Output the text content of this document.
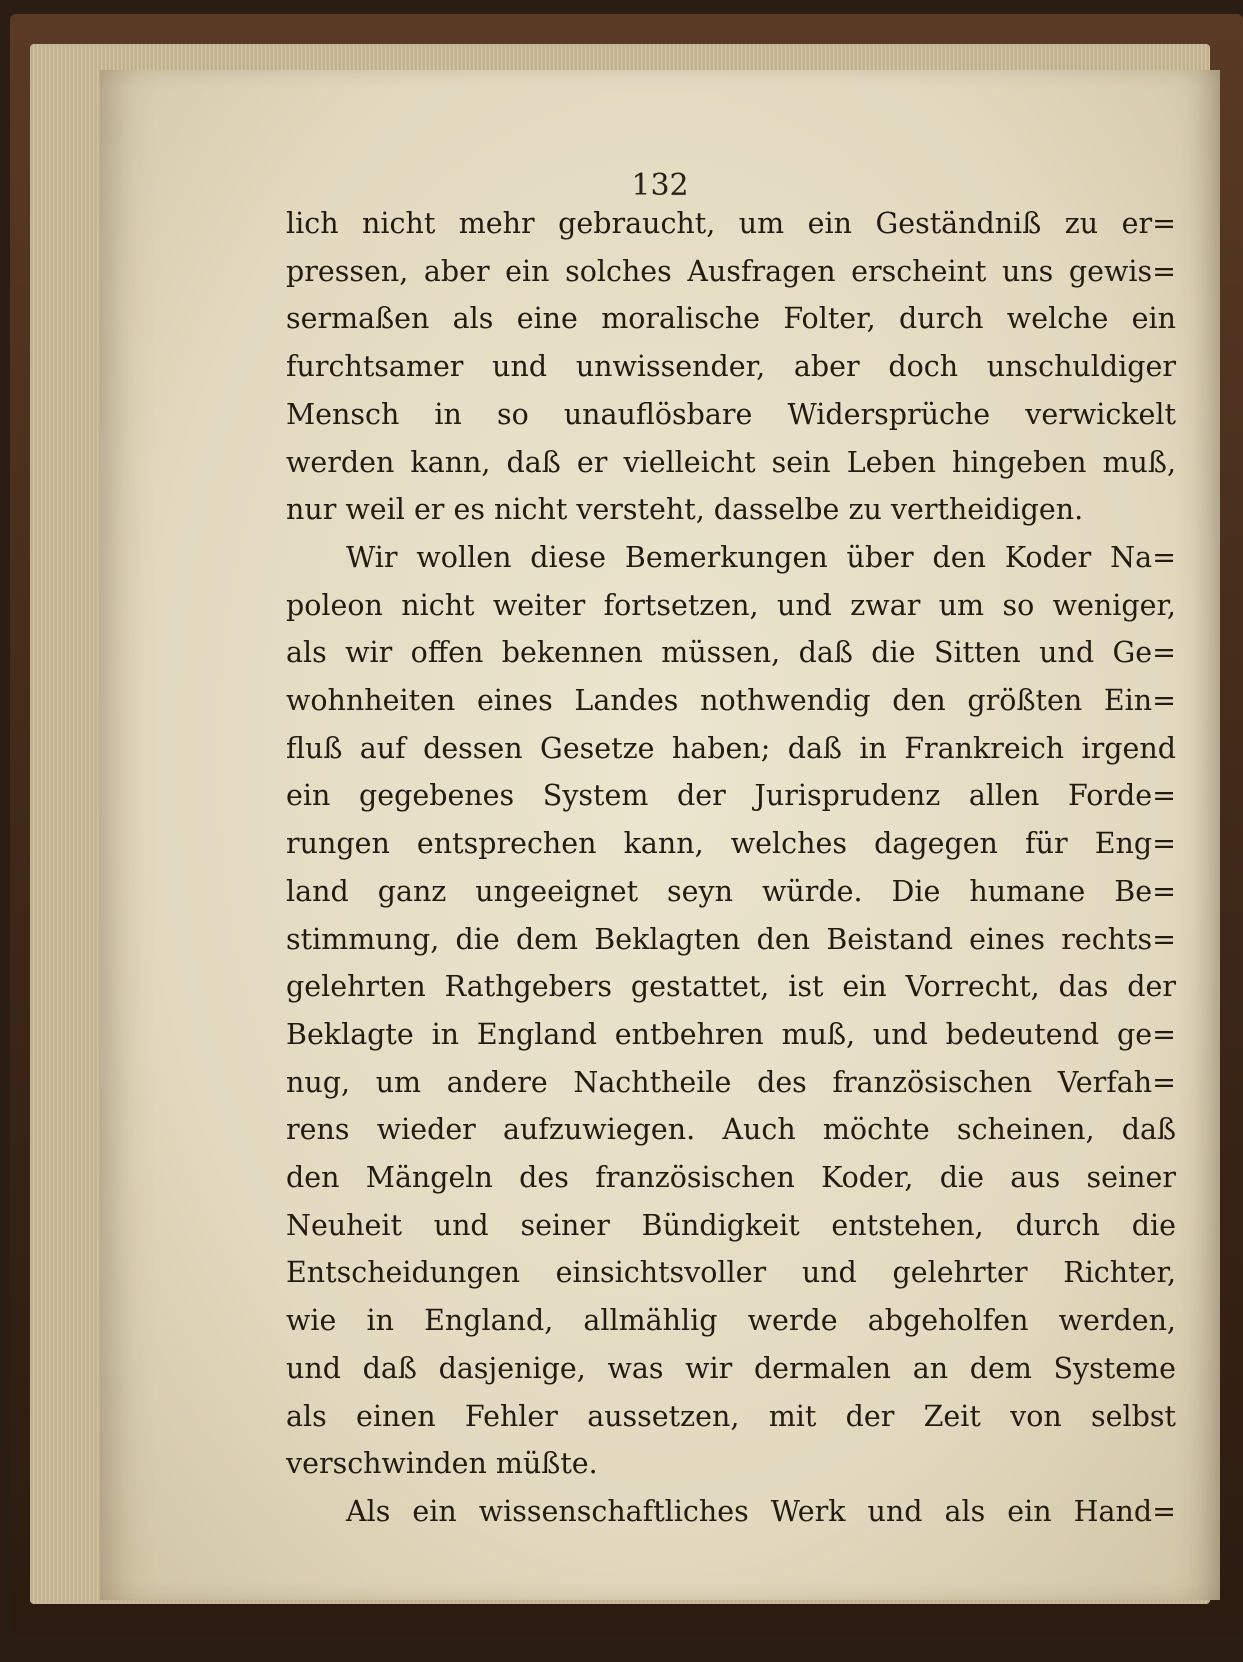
132
lich nicht mehr gebraucht, um ein Geständniß zu er=
pressen, aber ein solches Ausfragen erscheint uns gewis=
sermaßen als eine moralische Folter, durch welche ein
furchtsamer und unwissender, aber doch unschuldiger
Mensch in so unauflösbare Widersprüche verwickelt
werden kann, daß er vielleicht sein Leben hingeben muß,
nur weil er es nicht versteht, dasselbe zu vertheidigen.
Wir wollen diese Bemerkungen über den Koder Na=
poleon nicht weiter fortsetzen, und zwar um so weniger,
als wir offen bekennen müssen, daß die Sitten und Ge=
wohnheiten eines Landes nothwendig den größten Ein=
fluß auf dessen Gesetze haben; daß in Frankreich irgend
ein gegebenes System der Jurisprudenz allen Forde=
rungen entsprechen kann, welches dagegen für Eng=
land ganz ungeeignet seyn würde. Die humane Be=
stimmung, die dem Beklagten den Beistand eines rechts=
gelehrten Rathgebers gestattet, ist ein Vorrecht, das der
Beklagte in England entbehren muß, und bedeutend ge=
nug, um andere Nachtheile des französischen Verfah=
rens wieder aufzuwiegen. Auch möchte scheinen, daß
den Mängeln des französischen Koder, die aus seiner
Neuheit und seiner Bündigkeit entstehen, durch die
Entscheidungen einsichtsvoller und gelehrter Richter,
wie in England, allmählig werde abgeholfen werden,
und daß dasjenige, was wir dermalen an dem Systeme
als einen Fehler aussetzen, mit der Zeit von selbst
verschwinden müßte.
Als ein wissenschaftliches Werk und als ein Hand=
